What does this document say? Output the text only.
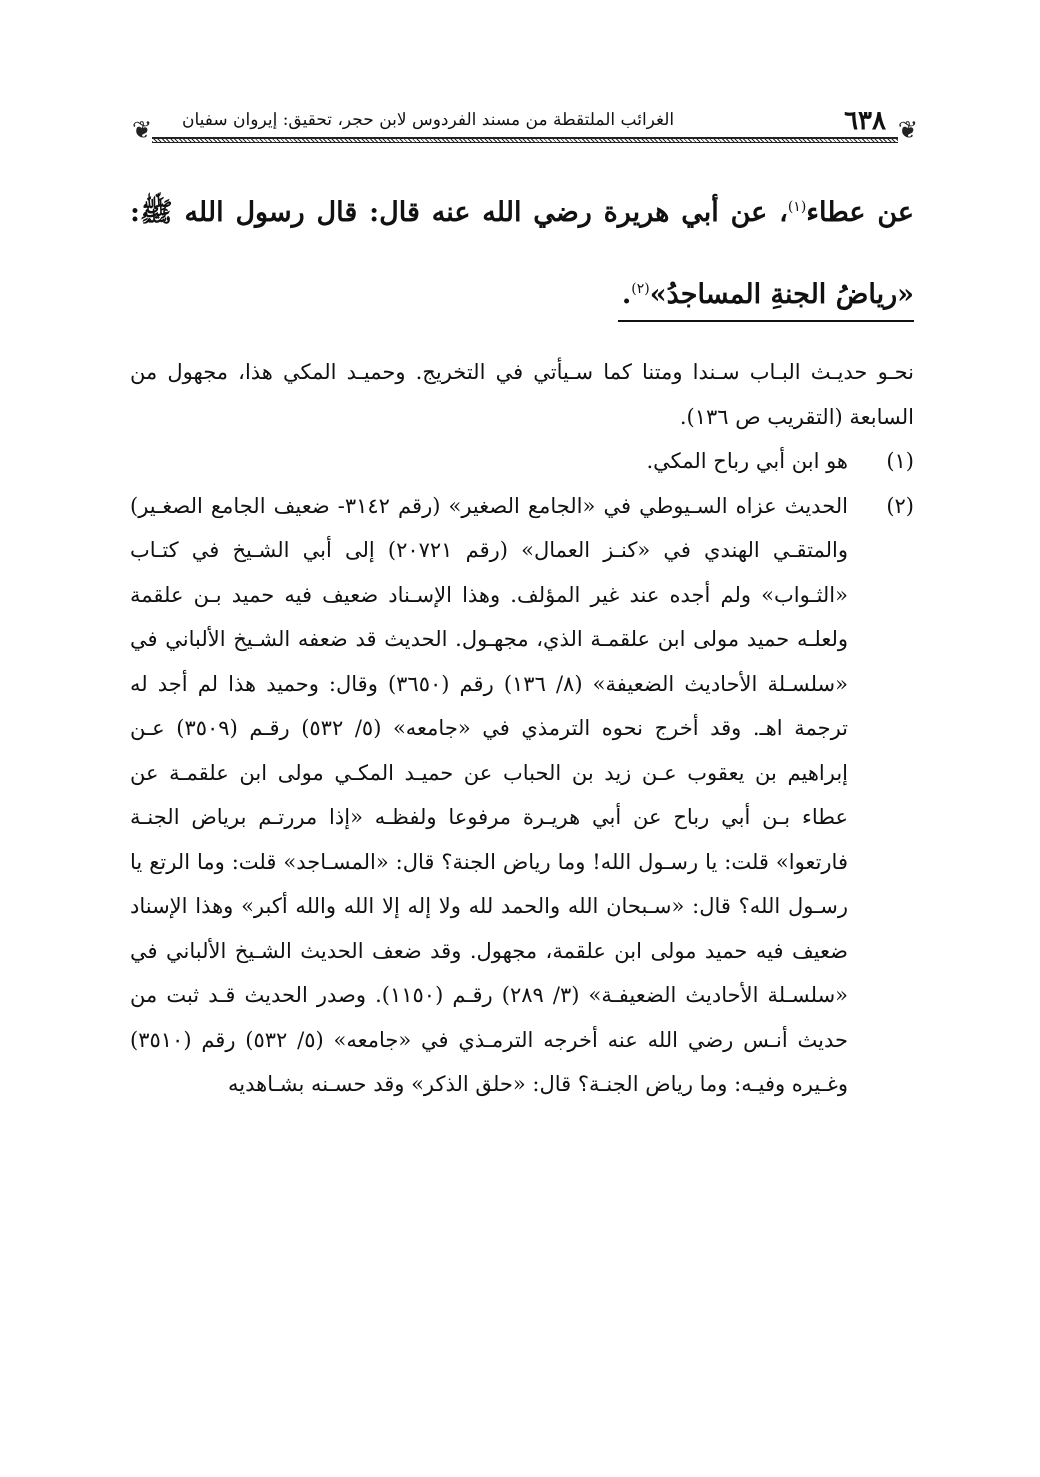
❦	❦
الغرائب الملتقطة من مسند الفردوس لابن حجر، تحقيق: إيروان سفيان	٦٣٨
عن عطاء$^{(١)}$، عن أبي هريرة رضي الله عنه قال: قال رسول الله ﷺ: «رياضُ الجنةِ المساجدُ»$^{(٢)}$.

نحـو حديـث البـاب سـندا ومتنا كما سـيأتي في التخريج. وحميـد المكي هذا، مجهول من السابعة (التقريب ص ١٣٦).

(١)
هو ابن أبي رباح المكي.
(٢)
الحديث عزاه السـيوطي في «الجامع الصغير» (رقم ٣١٤٢- ضعيف الجامع الصغـير) والمتقـي الهندي في «كنـز العمال» (رقم ٢٠٧٢١) إلى أبي الشـيخ في كتـاب «الثـواب» ولم أجده عند غير المؤلف. وهذا الإسـناد ضعيف فيه حميد بـن علقمة ولعلـه حميد مولى ابن علقمـة الذي، مجهـول. الحديث قد ضعفه الشـيخ الألباني في «سلسـلة الأحاديث الضعيفة» (٨/ ١٣٦) رقم (٣٦٥٠) وقال: وحميد هذا لم أجد له ترجمة اهـ. وقد أخرج نحوه الترمذي في «جامعه» (٥/ ٥٣٢) رقـم (٣٥٠٩) عـن إبراهيم بن يعقوب عـن زيد بن الحباب عن حميـد المكـي مولى ابن علقمـة عن عطاء بـن أبي رباح عن أبي هريـرة مرفوعا ولفظـه «إذا مررتـم برياض الجنـة فارتعوا» قلت: يا رسـول الله! وما رياض الجنة؟ قال: «المسـاجد» قلت: وما الرتع يا رسـول الله؟ قال: «سـبحان الله والحمد لله ولا إله إلا الله والله أكبر» وهذا الإسناد ضعيف فيه حميد مولى ابن علقمة، مجهول. وقد ضعف الحديث الشـيخ الألباني في «سلسـلة الأحاديث الضعيفـة» (٣/ ٢٨٩) رقـم (١١٥٠). وصدر الحديث قـد ثبت من حديث أنـس رضي الله عنه أخرجه الترمـذي في «جامعه» (٥/ ٥٣٢) رقم (٣٥١٠) وغـيره وفيـه: وما رياض الجنـة؟ قال: «حلق الذكر» وقد حسـنه بشـاهديه
